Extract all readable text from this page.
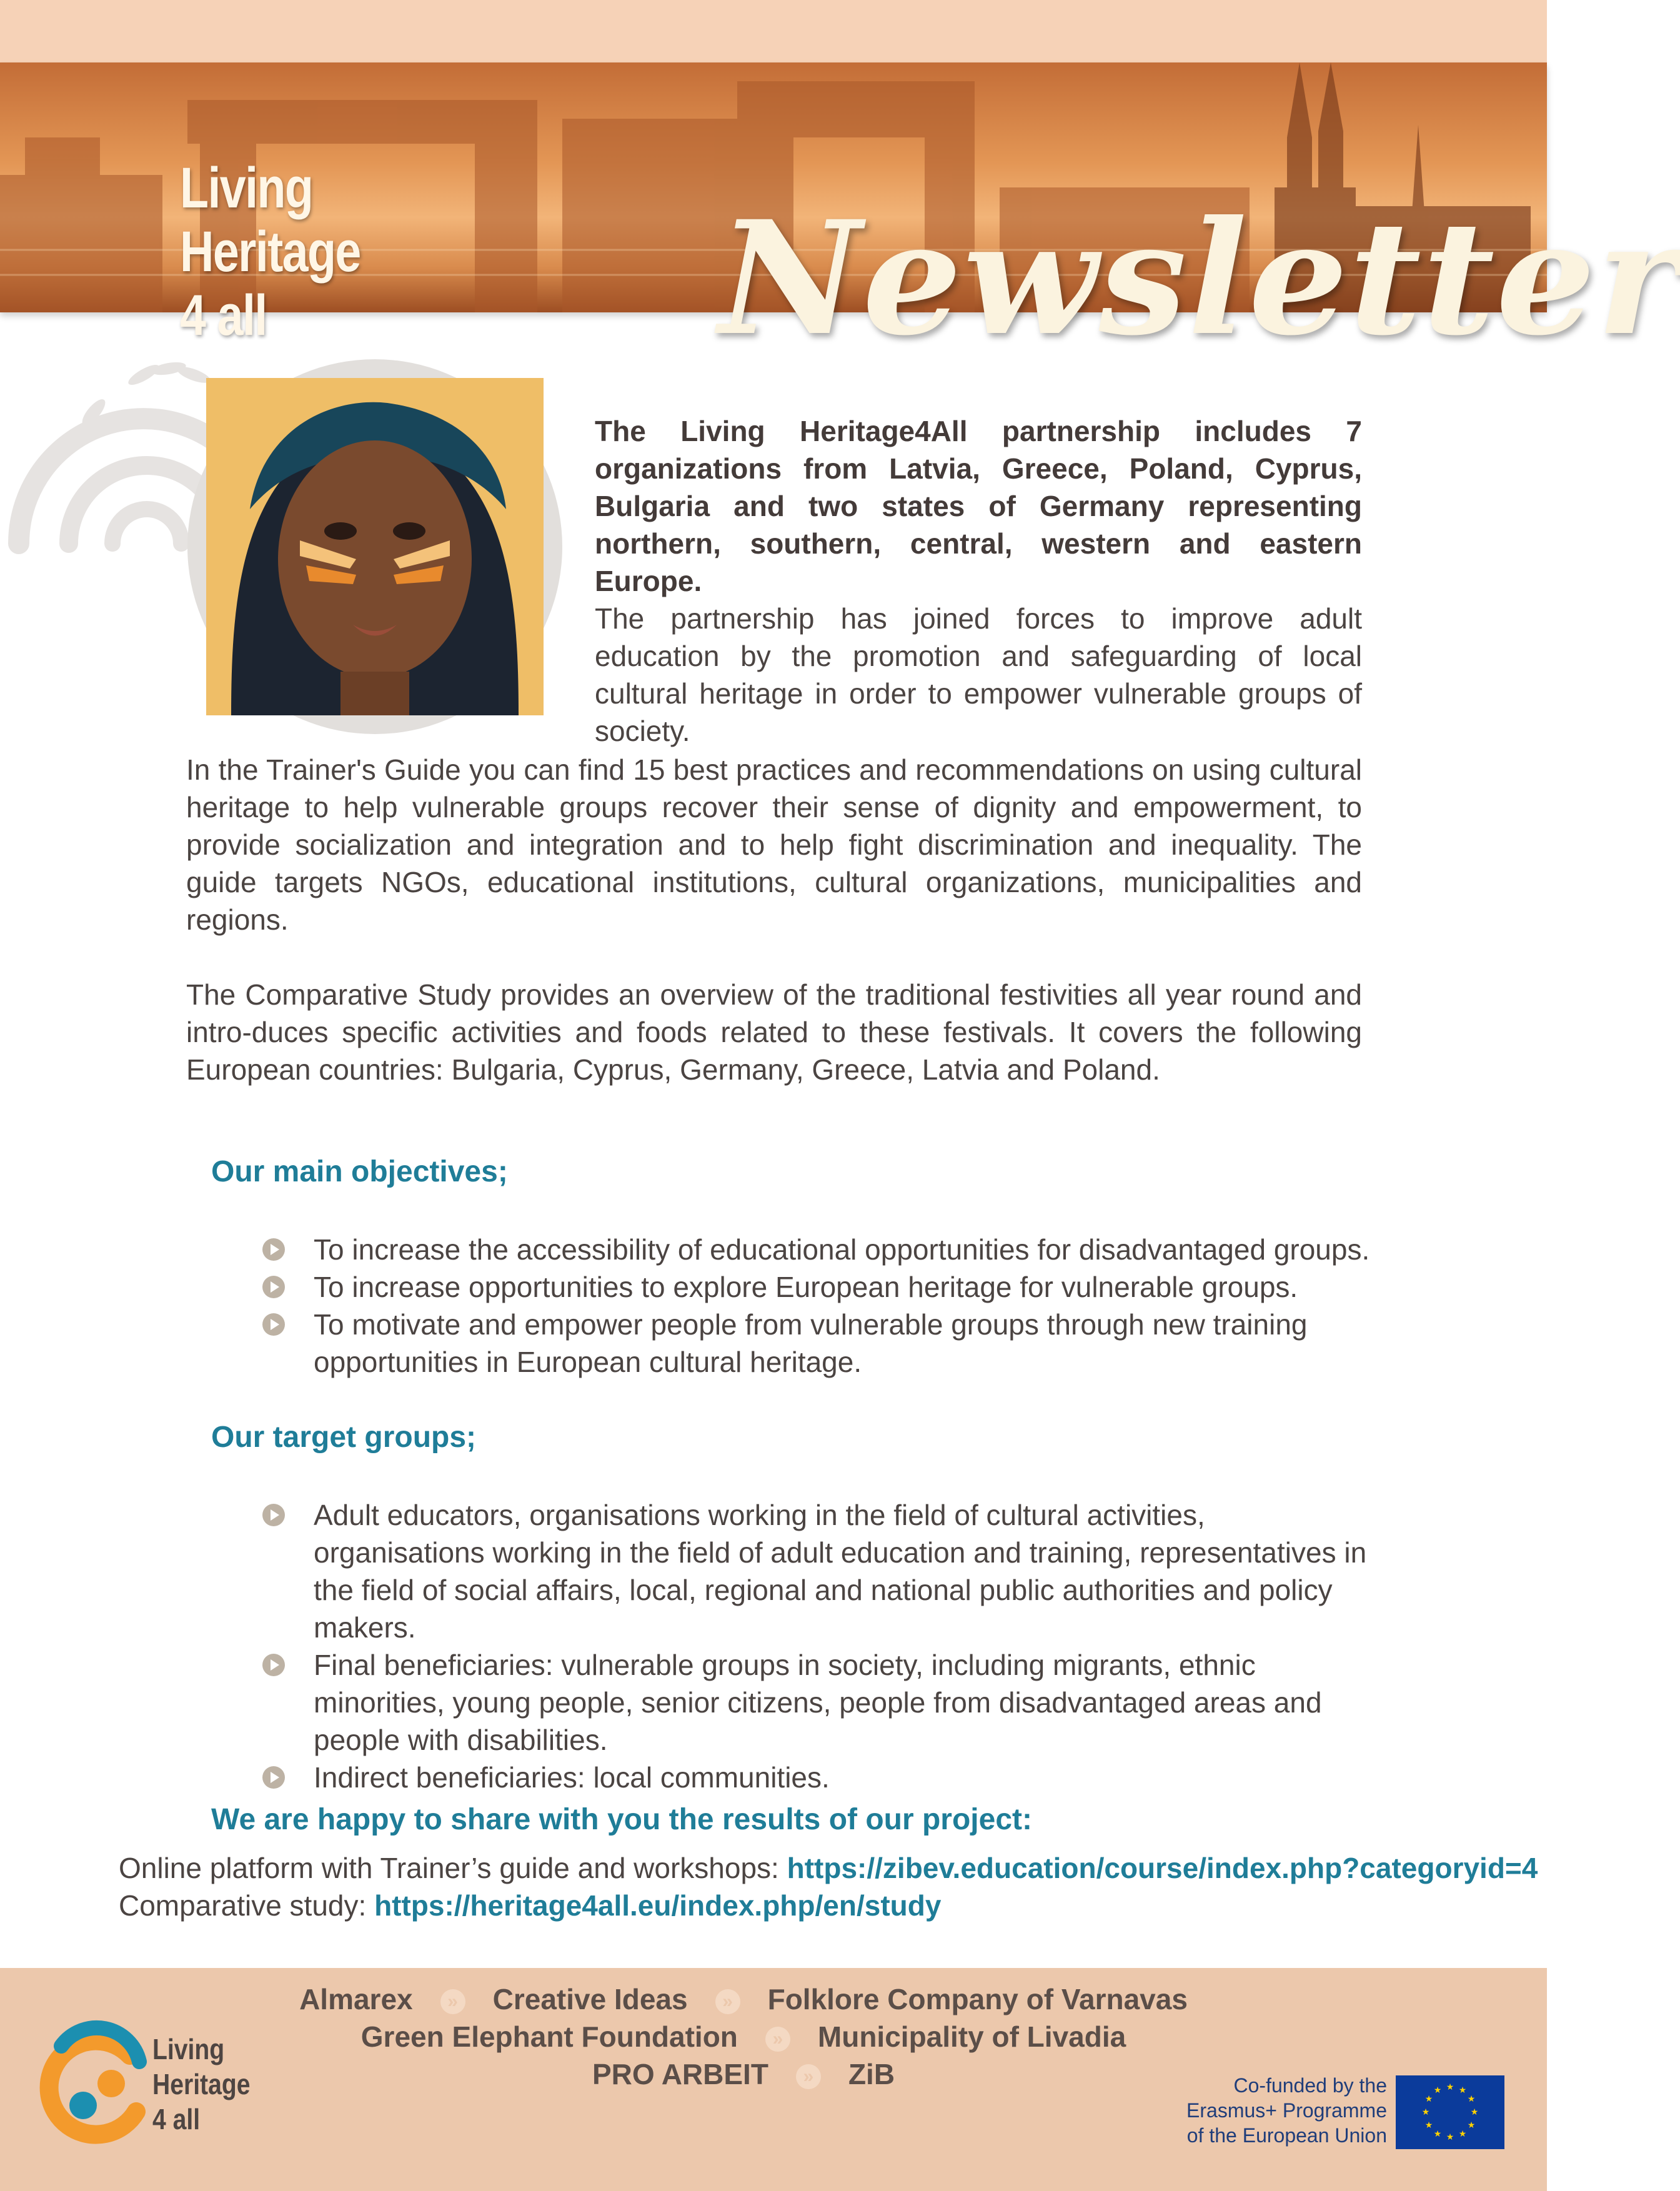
Living
Heritage
4 all	Newsletter
The Living Heritage4All partnership includes 7 organizations from Latvia, Greece, Poland, Cyprus, Bulgaria and two states of Germany representing northern, southern, central, western and eastern Europe.
The partnership has joined forces to improve adult education by the promotion and safeguarding of local cultural heritage in order to empower vulnerable groups of society.
In the Trainer's Guide you can find 15 best practices and recommendations on using cultural heritage to help vulnerable groups recover their sense of dignity and empowerment, to provide socialization and integration and to help fight discrimination and inequality. The guide targets NGOs, educational institutions, cultural organizations, municipalities and regions.
The Comparative Study provides an overview of the traditional festivities all year round and intro-duces specific activities and foods related to these festivals. It covers the following European countries: Bulgaria, Cyprus, Germany, Greece, Latvia and Poland.
Our main objectives;
To increase the accessibility of educational opportunities for disadvantaged groups.
To increase opportunities to explore European heritage for vulnerable groups.
To motivate and empower people from vulnerable groups through new training opportunities in European cultural heritage.
Our target groups;
Adult educators, organisations working in the field of cultural activities, organisations working in the field of adult education and training, representatives in the field of social affairs, local, regional and national public authorities and policy makers.
Final beneficiaries: vulnerable groups in society, including migrants, ethnic minorities, young people, senior citizens, people from disadvantaged areas and people with disabilities.
Indirect beneficiaries: local communities.
We are happy to share with you the results of our project:
Online platform with Trainer’s guide and workshops: https://zibev.education/course/index.php?categoryid=4
Comparative study: https://heritage4all.eu/index.php/en/study
Almarex » Creative Ideas » Folklore Company of Varnavas
Green Elephant Foundation » Municipality of Livadia
PRO ARBEIT » ZiB
Living
Heritage
4 all
Co-funded by the
Erasmus+ Programme
of the European Union
★ ★
★
★
★
★
★
★
★
★
★
★
